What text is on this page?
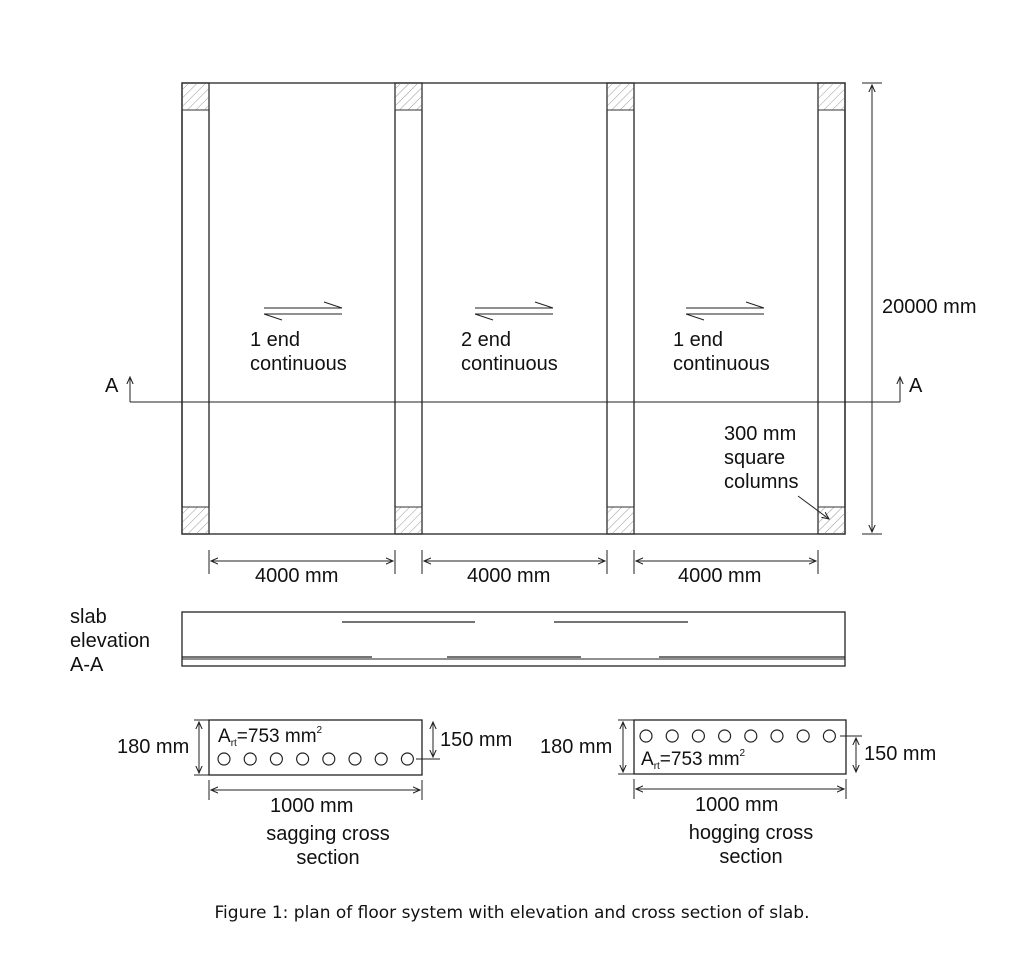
1 end
continuous
2 end
continuous
1 end
continuous
A	A
300 mm
square
columns
20000 mm
4000 mm	4000 mm	4000 mm
slab
elevation
A-A
$A_{rt}=753$ $mm^2$
180 mm	150 mm
1000 mm
sagging cross
section
$A_{rt}=753$ $mm^2$
180 mm	150 mm
1000 mm
hogging cross
section
Figure 1: plan of floor system with elevation and cross section of slab.
